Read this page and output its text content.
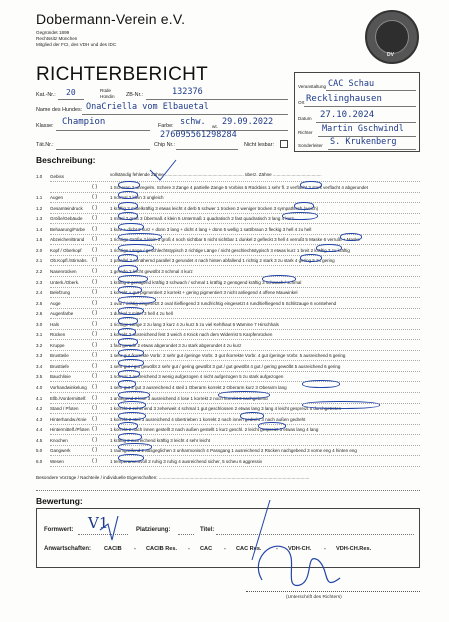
Dobermann-Verein e.V.
Gegründet 1899
Rechtssitz München
Mitglied der FCI, des VDH und des IDC
DV
RICHTERBERICHT
Kat.-Nr.: 20	Rüde
Hündin ZB-Nr.:	132376
Name des Hundes: OnaCriella vom Elbauetal
Klasse: Champion	Farbe: schw. wt. 29.09.2022
276095561298284
Tät.Nr.:	Chip Nr.:	Nicht lesbar:
Veranstaltung CAC Schau
Ort Recklinghausen
Datum 27.10.2024
Richter Martin Gschwindl
Sonderleiter S. Krukenberg
Beschreibung:
vollständig fehlende Zähne ............................................................... überz. Zähne .......................................
1.0 Gebiss
1 Scheren 2 unregelm. Schere 3 Zange 4 partielle Zange 5 Vorbiss 6 Rückbiss 1 sehr fl. 2 verflacht 3 stark verflacht 4 abgerundet
( )
1.1 Augen	1 normal 2 klein 3 ungleich
( )
1.2 Gesamteindruck	1 kräftig 2 mittelkräftig 3 etwas leicht 4 derb 5 schwer 1 trocken 2 weniger trocken 3 sympathisch (weich)
( )
1.3 Größe/Gebäude	1 mittel 2 groß 3 Übermaß 4 klein 5 Untermaß 1 quadratisch 2 fast quadratisch 3 lang 4 kurz
( )
1.4 Behaarung/Farbe	1 kurz + dicht 2 kurz + dünn 3 lang + dicht 4 lang + dünn 5 wellig 1 satt/braun 2 fleckig 3 hell 4 zu hell
( )
1.5 Abzeichen/Brand	1 richtige Größe 2 klein 3 groß 4 noch sichtbar 5 nicht sichtbar 1 dunkel 2 gefleckt 3 hell 4 verrußt 5 Maske 6 verrußt + Maske
( )
2.0 Kopf / Oberkopf	1 richtige Länge / geschlechtstypisch 2 richtige Länge / nicht geschlechtstypisch 3 etwas kurz 1 breit 2 kräftig 3 zu kräftig
( )
2.1 Ob.Kopfl./Stirnabs.	1 parallel 2 annähernd parallel 3 gerundet 4 nach hinten abfallend 1 richtig 2 stark 3 zu stark 4 gering 5 zu gering
( )
2.2 Nasenrücken	1 gerade 2 leicht gewölbt 3 schmal 4 kurz
( )
2.3 Unterk./Oberk.	1 kräftig 2 genügend kräftig 3 schwach / schmal 1 kräftig 2 genügend kräftig 3 schwach / schmal
( )
2.4 Belefzung	1 korrekt + gut pigmentiert 2 korrekt + gering pigmentiert 3 nicht anliegend 4 offene Mauwinkel
( )
2.5 Auge	1 oval / richtig eingesetzt 2 oval /tiefliegend 3 rund/richtig eingesetzt 4 rund/tiefliegend 5 Schlitzauge 6 vorstehend
( )
2.6 Augenfarbe	1 dunkel 2 mittel 3 hell 4 zu hell
( )
3.0 Hals	1 richtige Länge 2 zu lang 3 kurz 4 zu kurz 5 zu viel Kehlhaut 6 Wamme 7 Hirschhals
( )
3.1 Rücken	1 korrekt 2 ausreichend fest 3 weich 4 Knick nach dem Widerrist 5 Karpfenrücken
( )
3.2 Kruppe	1 fast gerade 2 etwas abgerundet 3 zu stark abgerundet 4 zu kurz
( )
3.3 Brustteile	1 sehr gut /korrekte Vorbr. 2 sehr gut /geringe Vorbr. 3 gut /korrekte Vorbr. 4 gut /geringe Vorbr. 5 ausreichend 6 gering
( )
3.4 Brusttiefe	1 sehr gut / gut gewölbt 2 sehr gut / gering gewölbt 3 gut / gut gewölbt 4 gut / gering gewölbt 5 ausreichend 6 gering
( )
3.5 Bauchlinie	1 normal 2 ausreichend 3 wenig aufgezogen 4 nicht aufgezogen 5 zu stark aufgezogen
( )
4.0 Vorhandwinkelung	1 sehr gut 2 gut 3 ausreichend 4 steil 1 Oberarm korrekt 2 Oberarm kurz 3 Oberarm lang
( )
4.1 Ellb./Vordermittelf.	1 anliegend 2 lose 3 ausreichend 4 lose 1 korrekt 2 noch korrekt 3 nachgebend
( )
4.2 Stand / Pfoten	1 korrekt 2 zehenend 3 zeherweit 4 schmal 1 gut geschlossen 2 etwas lang 3 lang 4 leicht gespreizt 5 durchgetreten
( )
4.3 Hinterhandw./Knie	1 korrekt 2 steil 3 ausreichend 4 übertrieben 1 korrekt 2 nach innen gedreht 3 nach außen gedreht
( )
4.4 Hintermittelf./Pfoten	1 korrekt 2 nach innen gestellt 3 nach außen gestellt 1 kurz geschl. 2 leicht gespreizt 3 etwas lang 4 lang
( )
4.5 Knochen	1 kräftig 2 ausreichend kräftig 3 leicht 4 sehr leicht
( )
5.0 Gangwerk	1 raumgreifend 2 ausgeglichen 3 unharmonisch 4 Passgang 1 ausreichend 2 Rücken nachgebend 3 vorne eng 4 hinten eng
( )
6.0 Wesen	1 temperamentvoll 2 ruhig 3 ruhig 4 ausreichend sicher, 5 scheu 6 aggressiv
( )
Besondere Vorzüge / Nachteile / individuelle Eigenschaften: ......................................................................................................................
Bewertung:
Formwert: V1	Platzierung:	Titel:
Anwartschaften: CACIB - CACIB Res. - CAC - CAC Res.	- VDH-CH. - VDH-CH.Res.
(Unterschrift des Richters)
